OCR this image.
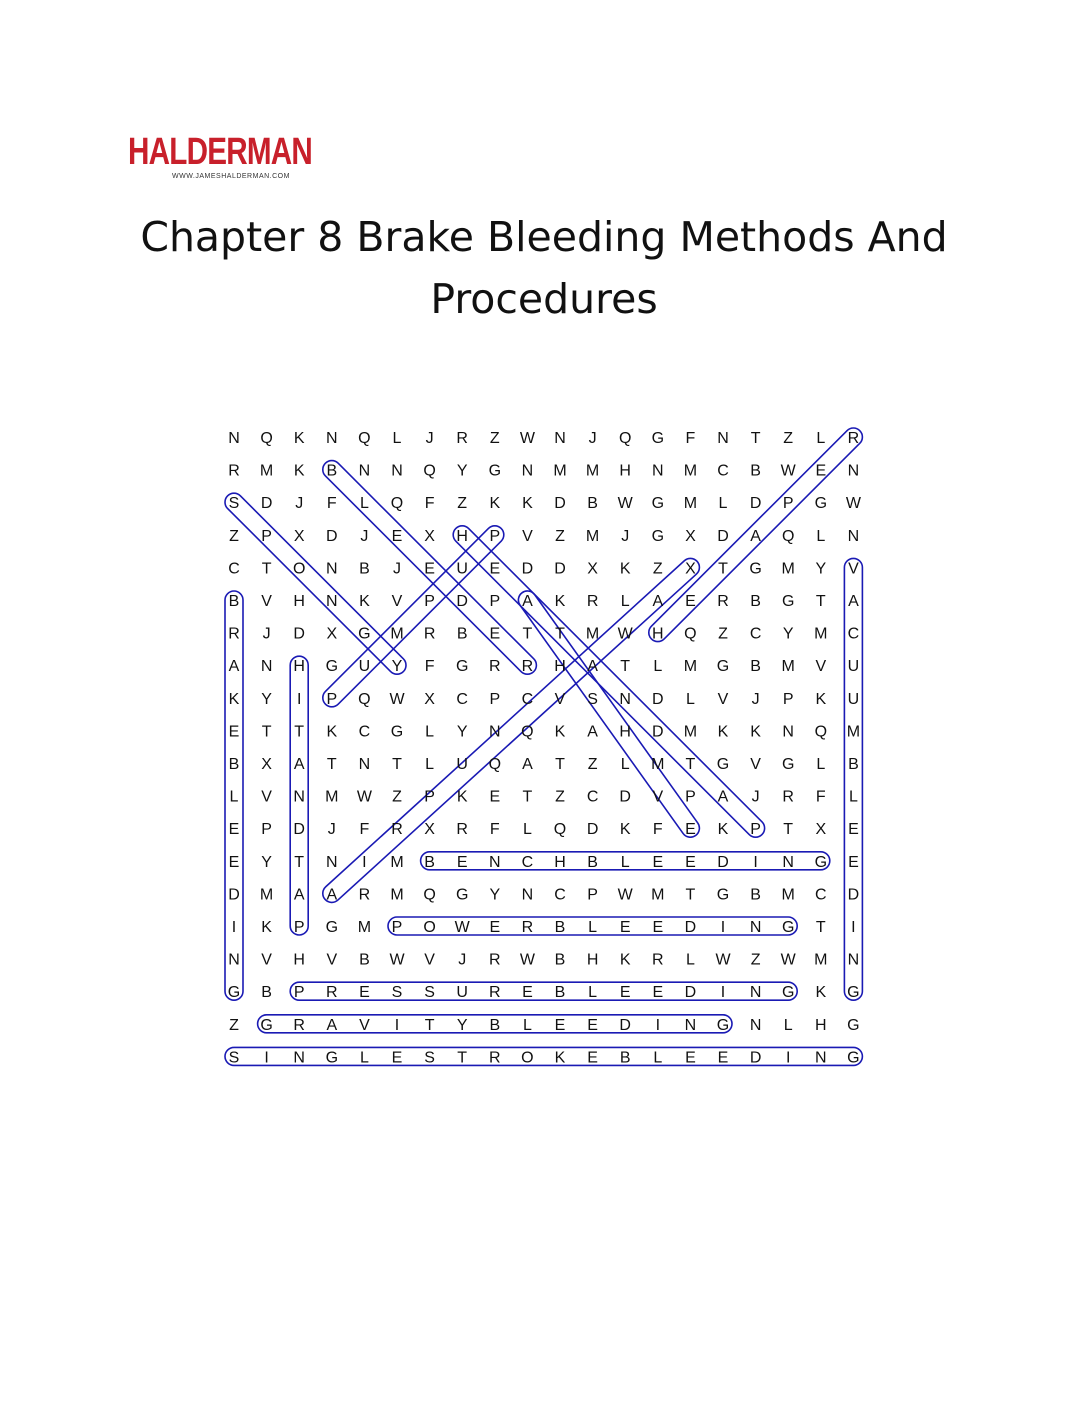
HALDERMAN
WWW.JAMESHALDERMAN.COM
Chapter 8 Brake Bleeding Methods And Procedures
N Q K N Q L J R Z W N J Q G F N T Z L R
R M K B N N Q Y G N M M H N M C B W E N
S D J F L Q F Z K K D B W G M L D P G W
Z P X D J E X H P V Z M J G X D A Q L N
C T O N B J E U E D D X K Z X T G M Y V
B V H N K V P D P A K R L A E R B G T A
R J D X G M R B E T T M W H Q Z C Y M C
A N H G U Y F G R R H A T L M G B M V U
K Y I P Q W X C P C V S N D L V J P K U
E T T K C G L Y N Q K A H D M K K N Q M
B X A T N T L U Q A T Z L M T G V G L B
L V N M W Z P K E T Z C D V P A J R F L
E P D J F R X R F L Q D K F E K P T X E
E Y T N I M B E N C H B L E E D I N G E
D M A A R M Q G Y N C P W M T G B M C D
I K P G M P O W E R B L E E D I N G T I
N V H V B W V J R W B H K R L W Z W M N
G B P R E S S U R E B L E E D I N G K G
Z G R A V I T Y B L E E D I N G N L H G
S I N G L E S T R O K E B L E E D I N G
